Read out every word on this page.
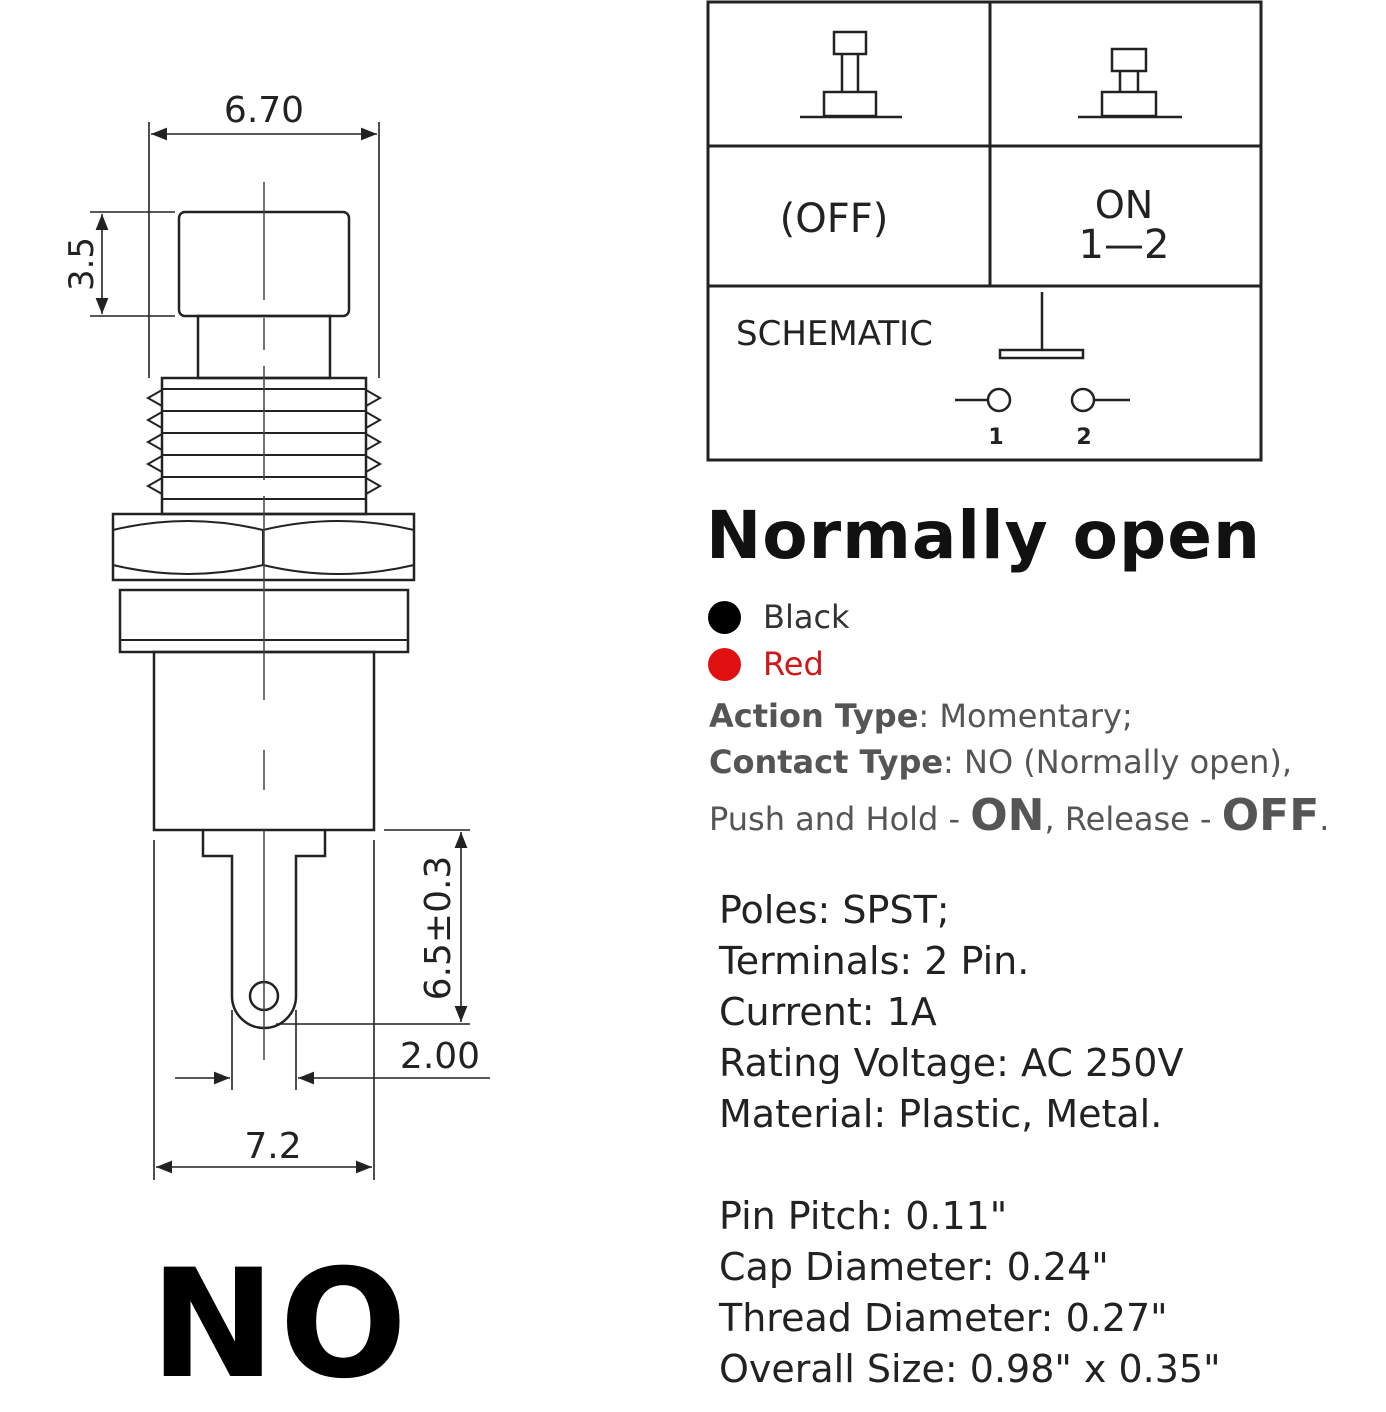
6.70
3.5
6.5±0.3
2.00
7.2
(OFF)	ON
1—2
SCHEMATIC
1	2
Normally open
Black
Red

Action Type: Momentary;

Contact Type: NO (Normally open),

Push and Hold - ON, Release - OFF.

Poles: SPST;

Terminals: 2 Pin.

Current: 1A

Rating Voltage: AC 250V

Material: Plastic, Metal.

Pin Pitch: 0.11"

Cap Diameter: 0.24"

Thread Diameter: 0.27"

Overall Size: 0.98" x 0.35"

NO
